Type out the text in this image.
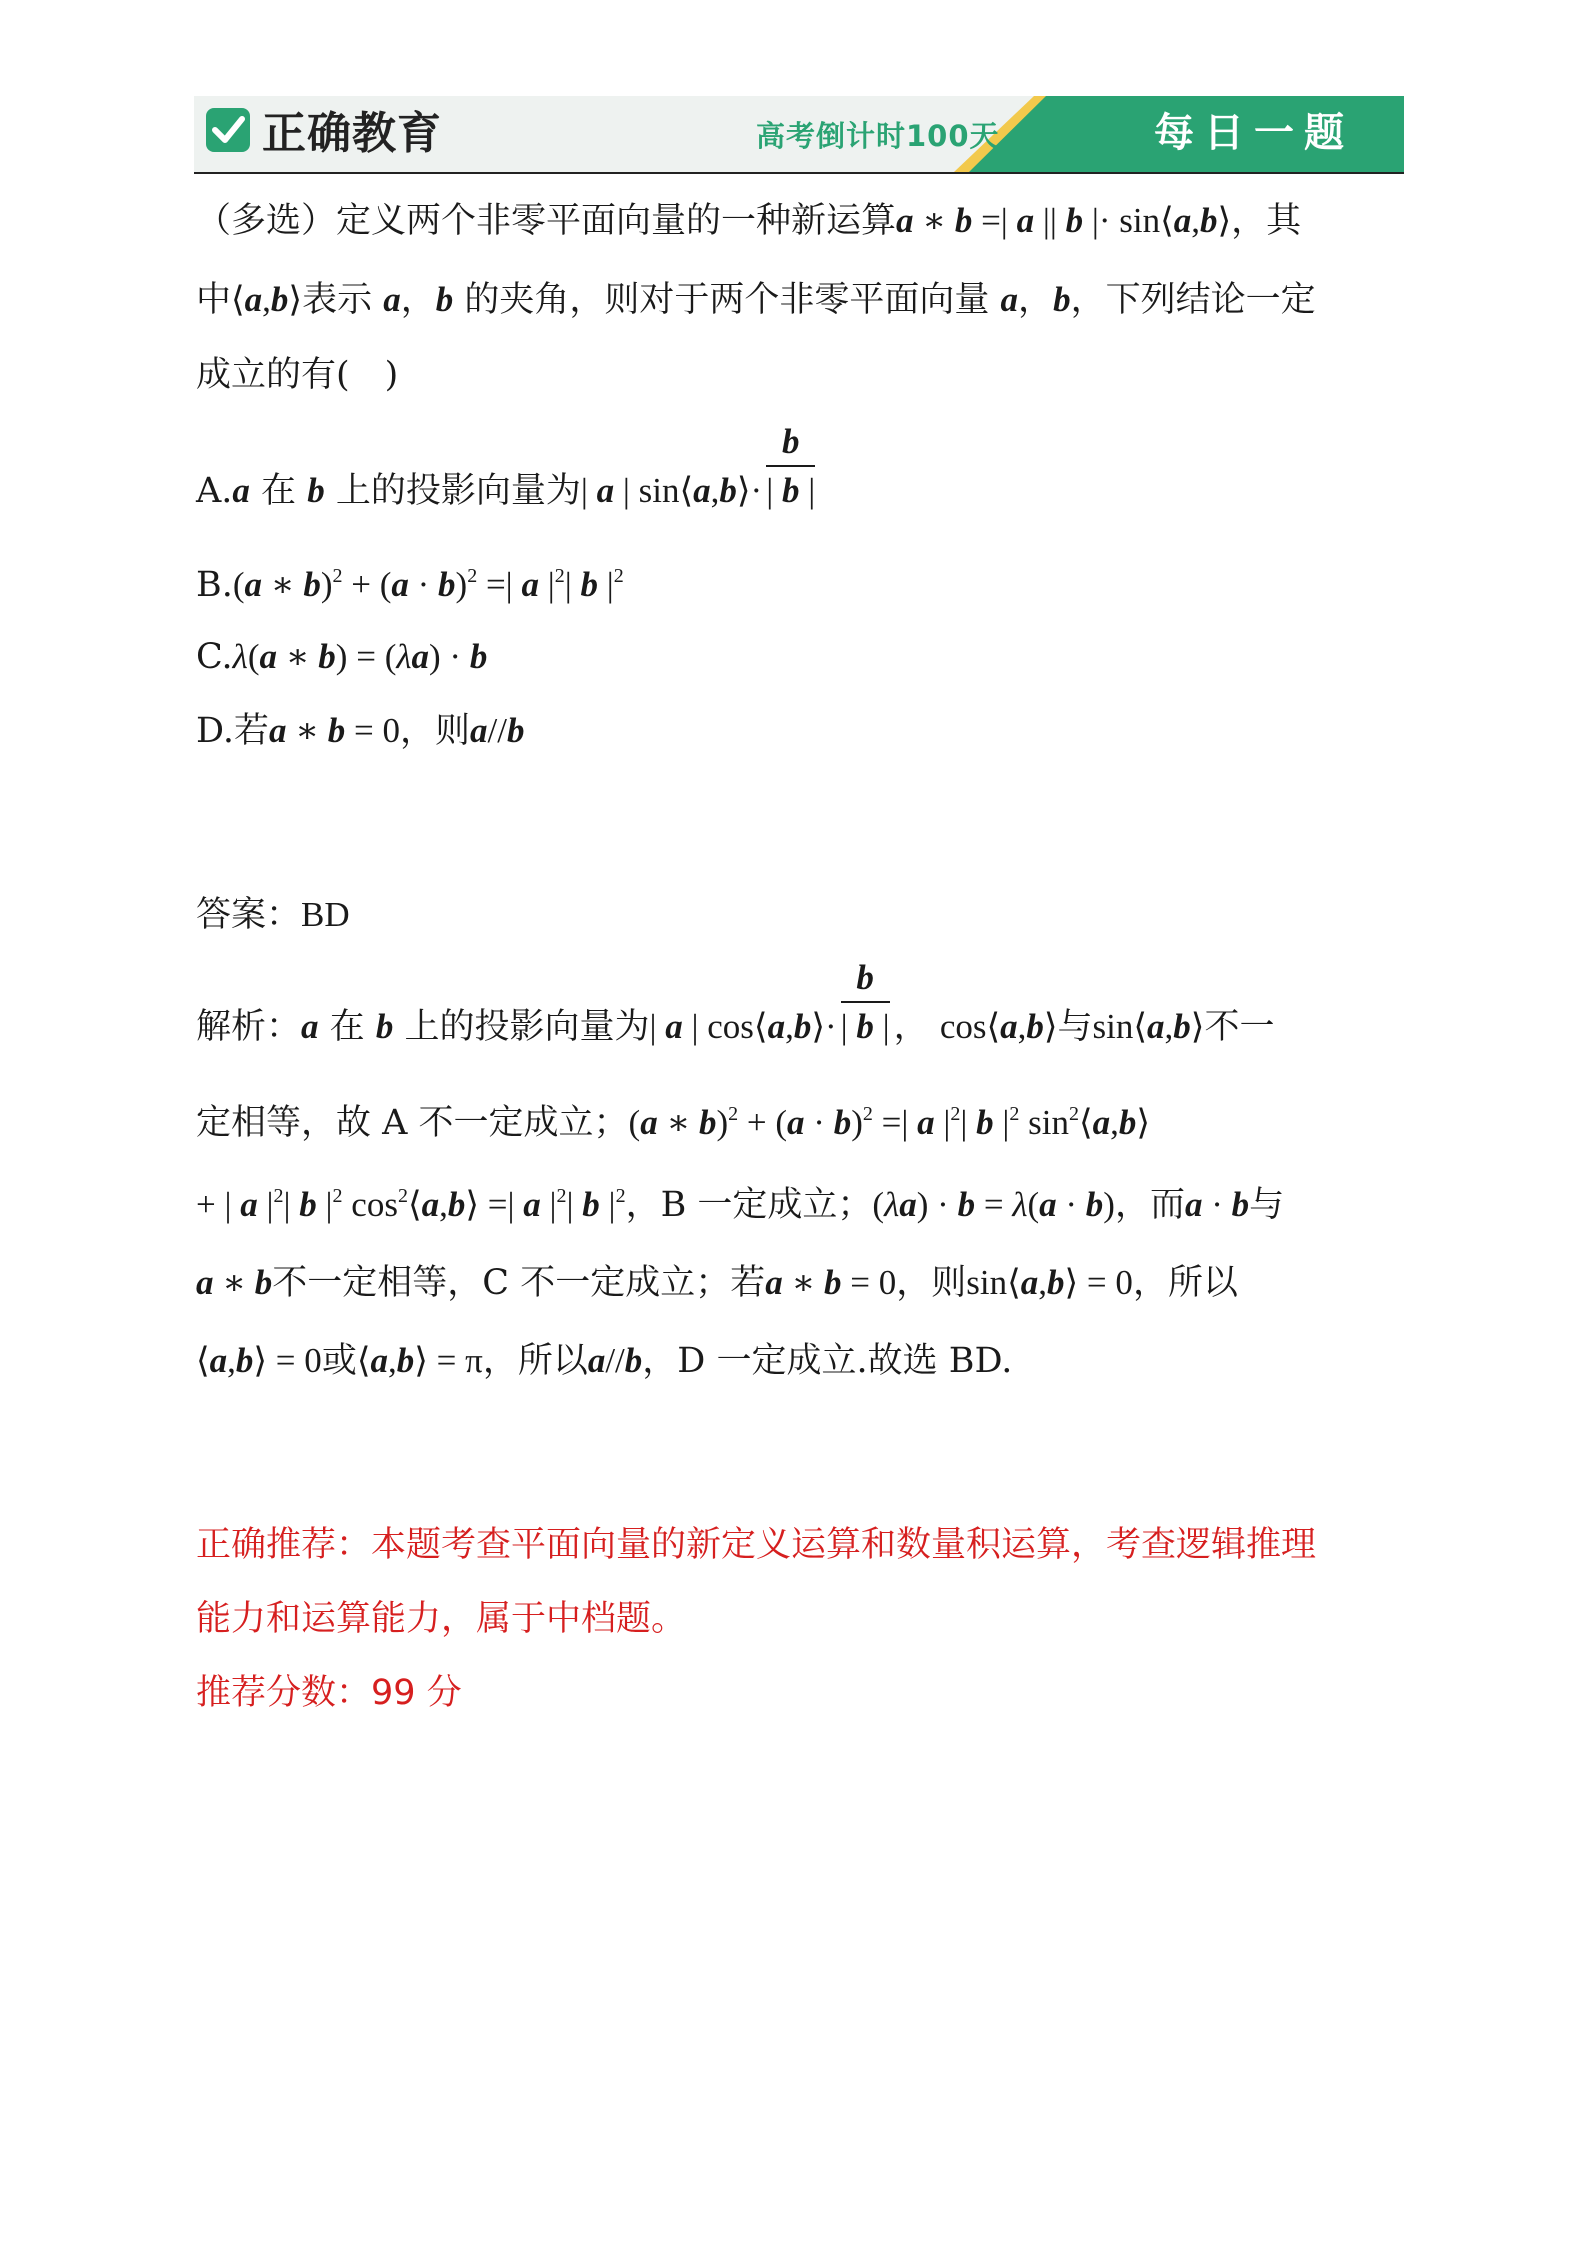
正确教育	高考倒计时100天	每日一题
（多选）定义两个非零平面向量的一种新运算a ∗ b =| a || b |· sin⟨a,b⟩，其
中⟨a,b⟩表示 a，b 的夹角，则对于两个非零平面向量 a，b，下列结论一定
成立的有(　)
A.a 在 b 上的投影向量为| a | sin⟨a,b⟩· $\frac{b}{| b |}$
B.(a ∗ $b)^2 + (a \cdot b)^2$ =| a $|^2|$ b $|^2$
C.λ(a ∗ b) = (λa) · b
D.若a ∗ b = 0，则a//b
答案：BD
解析：a 在 b 上的投影向量为| a | cos⟨a,b⟩· $\frac{b}{| b |}$ ， cos⟨a,b⟩与sin⟨a,b⟩不一
定相等，故 A 不一定成立；(a ∗ $b)^2 + (a \cdot b)^2$ =| a $|^2|$ b $|^2$ $\sin^2⟨a,b⟩$
+ | a $|^2|$ b $|^2$ $\cos^2⟨a,b⟩$ =| a $|^2|$ b $|^2$，B 一定成立；(λa) · b = λ(a · b)，而a · b与
a ∗ b不一定相等，C 不一定成立；若a ∗ b = 0，则sin⟨a,b⟩ = 0，所以
⟨a,b⟩ = 0或⟨a,b⟩ = π，所以a//b，D 一定成立.故选 BD.
正确推荐：本题考查平面向量的新定义运算和数量积运算，考查逻辑推理
能力和运算能力，属于中档题。
推荐分数：99 分
